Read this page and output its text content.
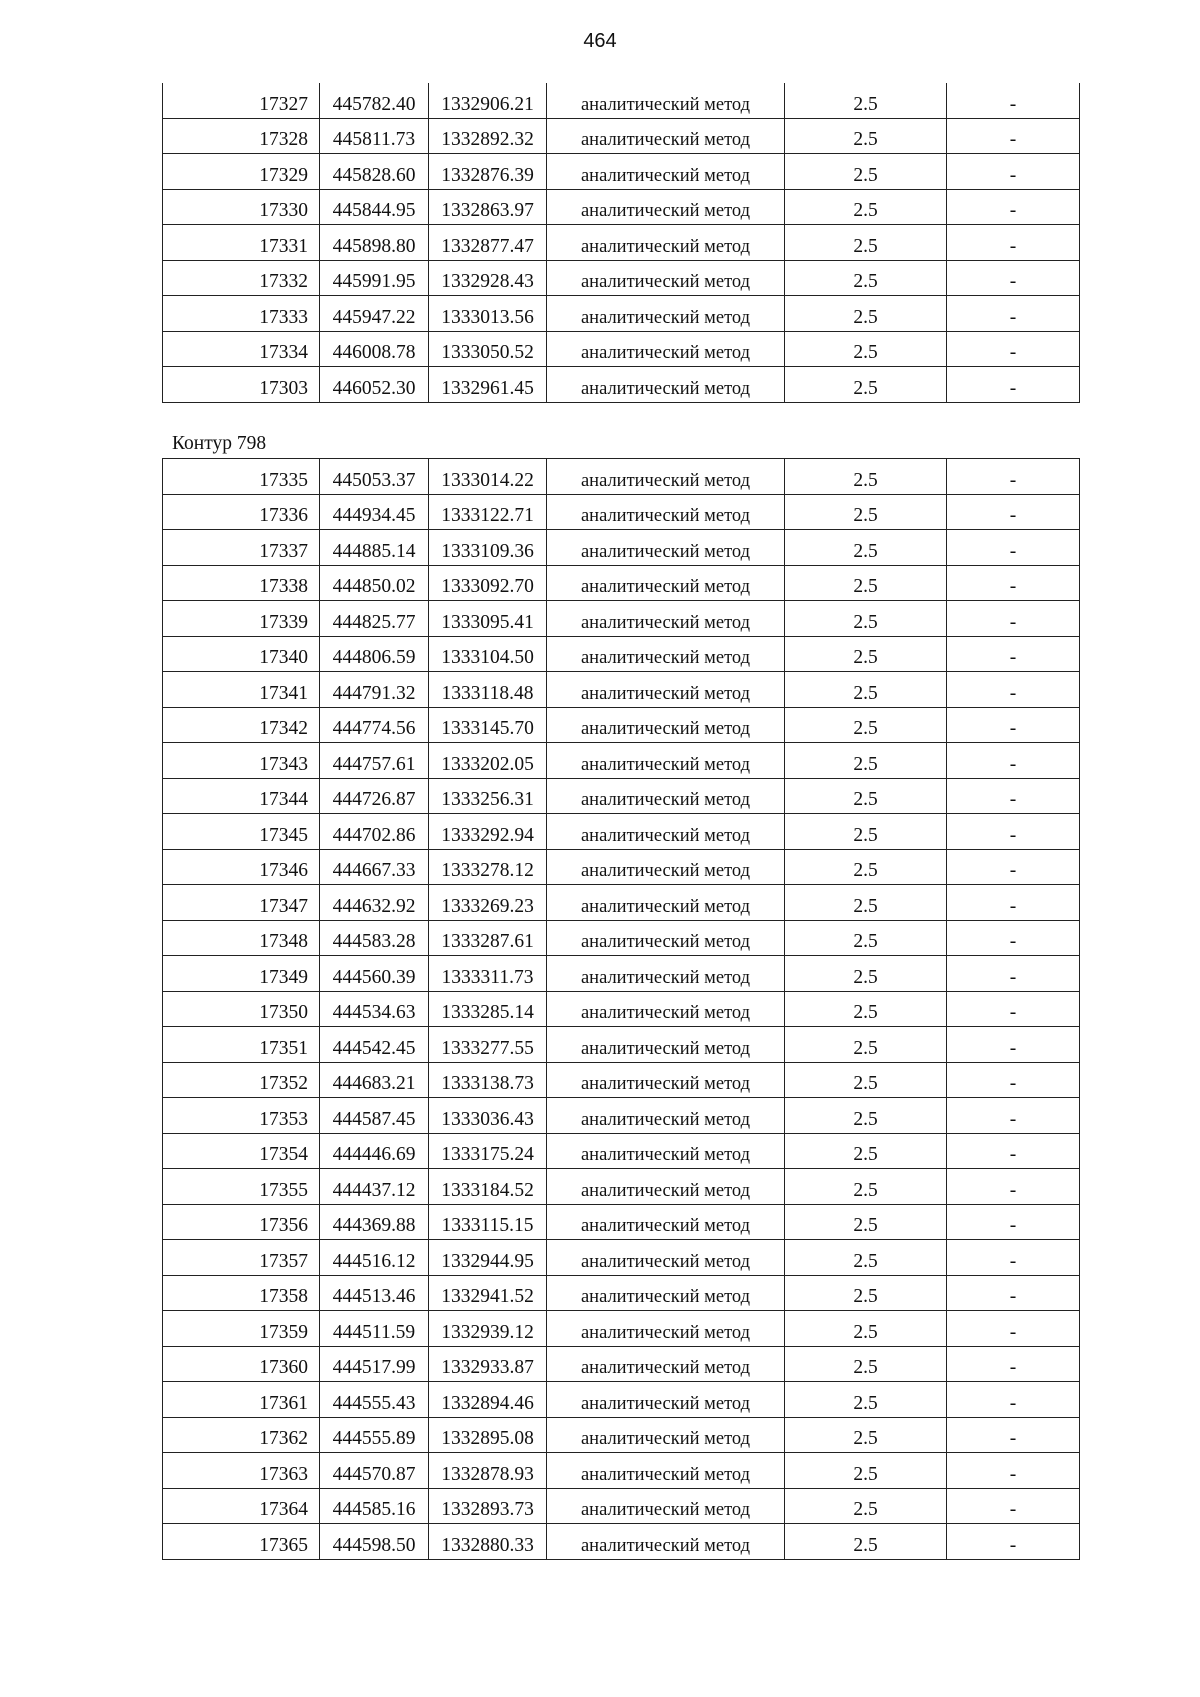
464
17327	445782.40	1332906.21	аналитический метод	2.5	-
17328	445811.73	1332892.32	аналитический метод	2.5	-
17329	445828.60	1332876.39	аналитический метод	2.5	-
17330	445844.95	1332863.97	аналитический метод	2.5	-
17331	445898.80	1332877.47	аналитический метод	2.5	-
17332	445991.95	1332928.43	аналитический метод	2.5	-
17333	445947.22	1333013.56	аналитический метод	2.5	-
17334	446008.78	1333050.52	аналитический метод	2.5	-
17303	446052.30	1332961.45	аналитический метод	2.5	-
Контур 798
17335	445053.37	1333014.22	аналитический метод	2.5	-
17336	444934.45	1333122.71	аналитический метод	2.5	-
17337	444885.14	1333109.36	аналитический метод	2.5	-
17338	444850.02	1333092.70	аналитический метод	2.5	-
17339	444825.77	1333095.41	аналитический метод	2.5	-
17340	444806.59	1333104.50	аналитический метод	2.5	-
17341	444791.32	1333118.48	аналитический метод	2.5	-
17342	444774.56	1333145.70	аналитический метод	2.5	-
17343	444757.61	1333202.05	аналитический метод	2.5	-
17344	444726.87	1333256.31	аналитический метод	2.5	-
17345	444702.86	1333292.94	аналитический метод	2.5	-
17346	444667.33	1333278.12	аналитический метод	2.5	-
17347	444632.92	1333269.23	аналитический метод	2.5	-
17348	444583.28	1333287.61	аналитический метод	2.5	-
17349	444560.39	1333311.73	аналитический метод	2.5	-
17350	444534.63	1333285.14	аналитический метод	2.5	-
17351	444542.45	1333277.55	аналитический метод	2.5	-
17352	444683.21	1333138.73	аналитический метод	2.5	-
17353	444587.45	1333036.43	аналитический метод	2.5	-
17354	444446.69	1333175.24	аналитический метод	2.5	-
17355	444437.12	1333184.52	аналитический метод	2.5	-
17356	444369.88	1333115.15	аналитический метод	2.5	-
17357	444516.12	1332944.95	аналитический метод	2.5	-
17358	444513.46	1332941.52	аналитический метод	2.5	-
17359	444511.59	1332939.12	аналитический метод	2.5	-
17360	444517.99	1332933.87	аналитический метод	2.5	-
17361	444555.43	1332894.46	аналитический метод	2.5	-
17362	444555.89	1332895.08	аналитический метод	2.5	-
17363	444570.87	1332878.93	аналитический метод	2.5	-
17364	444585.16	1332893.73	аналитический метод	2.5	-
17365	444598.50	1332880.33	аналитический метод	2.5	-
